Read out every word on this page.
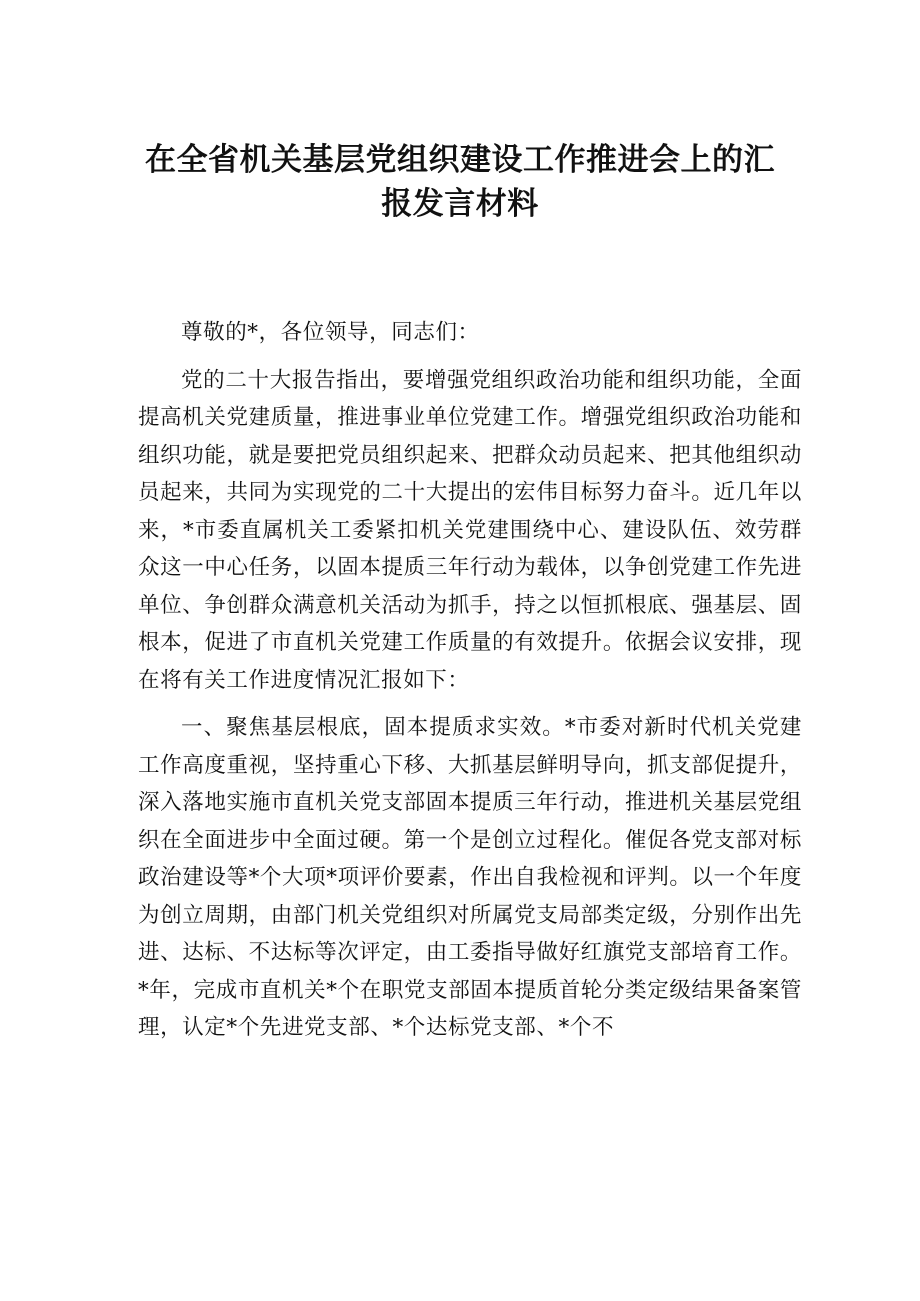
在全省机关基层党组织建设工作推进会上的汇
报发言材料

尊敬的*，各位领导，同志们：

党的二十大报告指出，要增强党组织政治功能和组织功能，全面提高机关党建质量，推进事业单位党建工作。增强党组织政治功能和组织功能，就是要把党员组织起来、把群众动员起来、把其他组织动员起来，共同为实现党的二十大提出的宏伟目标努力奋斗。近几年以来，*市委直属机关工委紧扣机关党建围绕中心、建设队伍、效劳群众这一中心任务，以固本提质三年行动为载体，以争创党建工作先进单位、争创群众满意机关活动为抓手，持之以恒抓根底、强基层、固根本，促进了市直机关党建工作质量的有效提升。依据会议安排，现在将有关工作进度情况汇报如下：

一、聚焦基层根底，固本提质求实效。*市委对新时代机关党建工作高度重视，坚持重心下移、大抓基层鲜明导向，抓支部促提升，深入落地实施市直机关党支部固本提质三年行动，推进机关基层党组织在全面进步中全面过硬。第一个是创立过程化。催促各党支部对标政治建设等*个大项*项评价要素，作出自我检视和评判。以一个年度为创立周期，由部门机关党组织对所属党支局部类定级，分别作出先进、达标、不达标等次评定，由工委指导做好红旗党支部培育工作。*年，完成市直机关*个在职党支部固本提质首轮分类定级结果备案管理，认定*个先进党支部、*个达标党支部、*个不
